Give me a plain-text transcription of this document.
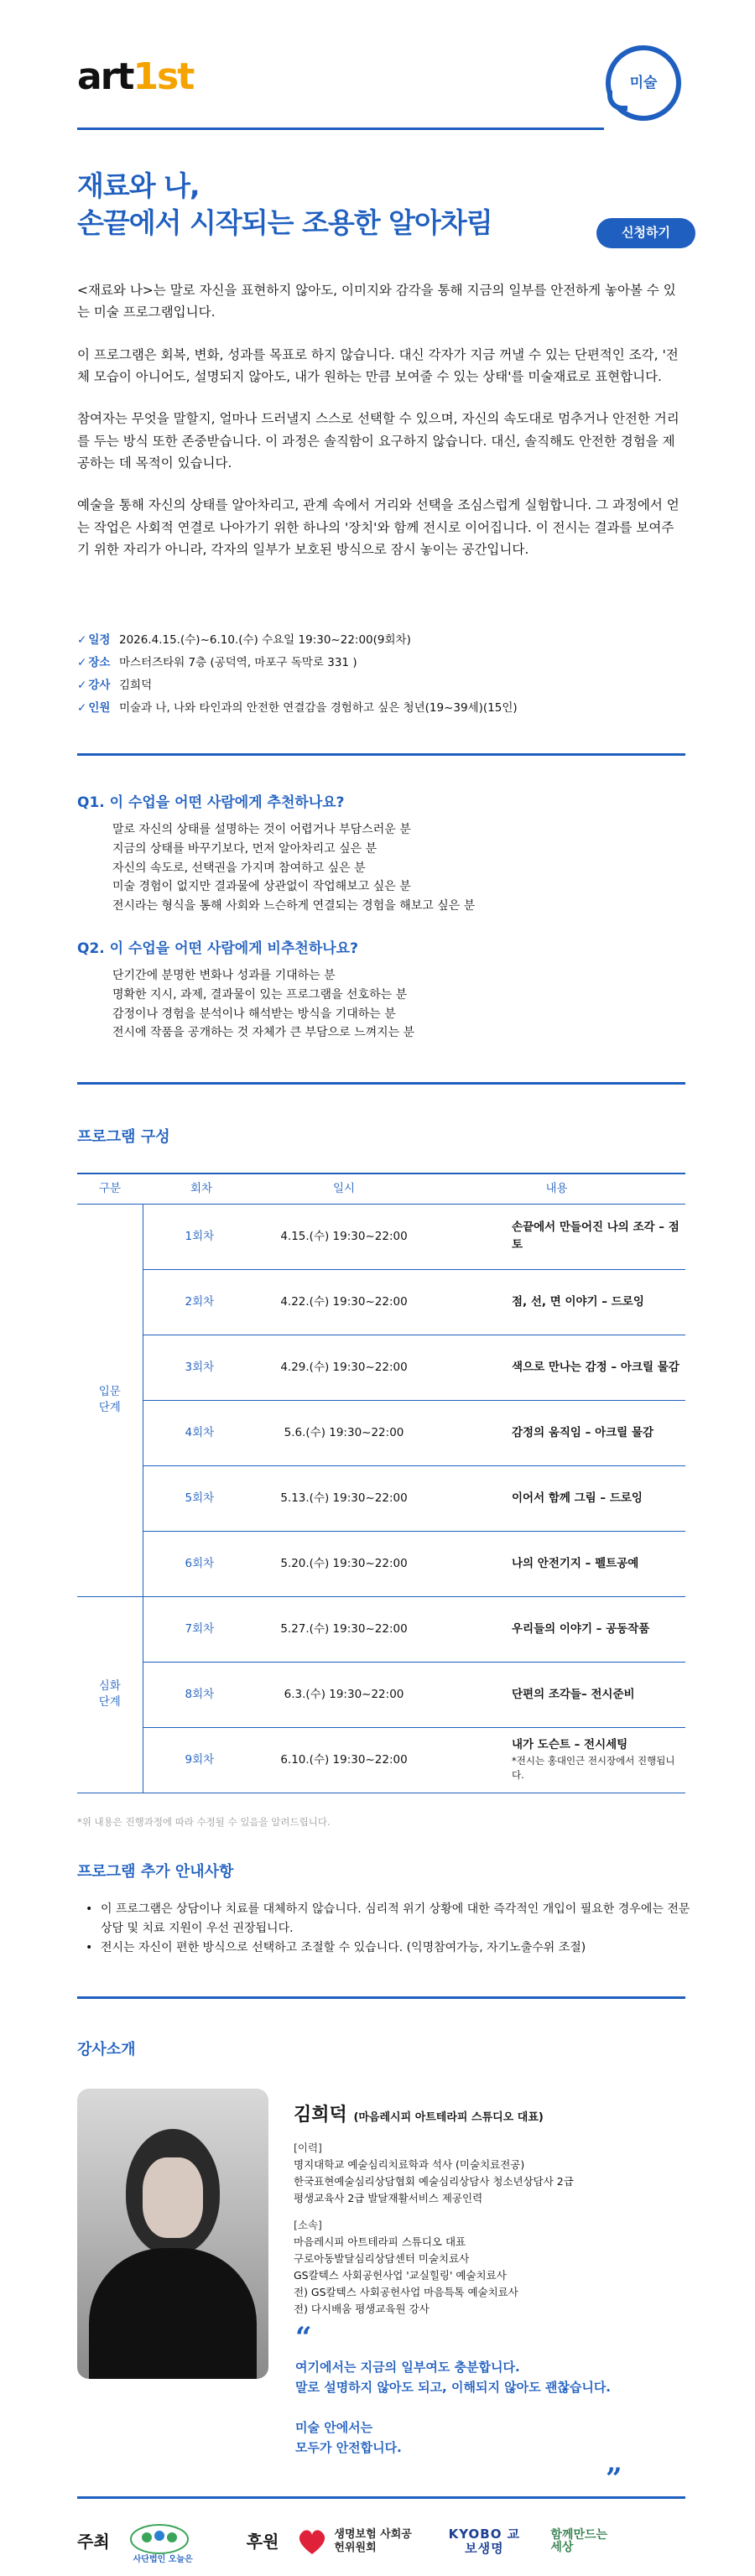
art1st	미술
재료와 나,
손끝에서 시작되는 조용한 알아차림	신청하기

<재료와 나>는 말로 자신을 표현하지 않아도, 이미지와 감각을 통해 지금의 일부를 안전하게 놓아볼 수 있는 미술 프로그램입니다.

이 프로그램은 회복, 변화, 성과를 목표로 하지 않습니다. 대신 각자가 지금 꺼낼 수 있는 단편적인 조각, '전체 모습이 아니어도, 설명되지 않아도, 내가 원하는 만큼 보여줄 수 있는 상태'를 미술재료로 표현합니다.

참여자는 무엇을 말할지, 얼마나 드러낼지 스스로 선택할 수 있으며, 자신의 속도대로 멈추거나 안전한 거리를 두는 방식 또한 존중받습니다. 이 과정은 솔직함이 요구하지 않습니다. 대신, 솔직해도 안전한 경험을 제공하는 데 목적이 있습니다.

예술을 통해 자신의 상태를 알아차리고, 관계 속에서 거리와 선택을 조심스럽게 실험합니다. 그 과정에서 얻는 작업은 사회적 연결로 나아가기 위한 하나의 '장치'와 함께 전시로 이어집니다. 이 전시는 결과를 보여주기 위한 자리가 아니라, 각자의 일부가 보호된 방식으로 잠시 놓이는 공간입니다.

✓ 일정 2026.4.15.(수)~6.10.(수) 수요일 19:30~22:00(9회차)
✓ 장소 마스터즈타워 7층 (공덕역, 마포구 독막로 331 )
✓ 강사 김희덕
✓ 인원 미술과 나, 나와 타인과의 안전한 연결감을 경험하고 싶은 청년(19~39세)(15인)
Q1. 이 수업을 어떤 사람에게 추천하나요?
말로 자신의 상태를 설명하는 것이 어렵거나 부담스러운 분
지금의 상태를 바꾸기보다, 먼저 알아차리고 싶은 분
자신의 속도로, 선택권을 가지며 참여하고 싶은 분
미술 경험이 없지만 결과물에 상관없이 작업해보고 싶은 분
전시라는 형식을 통해 사회와 느슨하게 연결되는 경험을 해보고 싶은 분
Q2. 이 수업을 어떤 사람에게 비추천하나요?
단기간에 분명한 변화나 성과를 기대하는 분
명확한 지시, 과제, 결과물이 있는 프로그램을 선호하는 분
감정이나 경험을 분석이나 해석받는 방식을 기대하는 분
전시에 작품을 공개하는 것 자체가 큰 부담으로 느껴지는 분
프로그램 구성
구분	회차	일시	내용
입문
단계	1회차	4.15.(수) 19:30~22:00	손끝에서 만들어진 나의 조각 – 점토
	2회차	4.22.(수) 19:30~22:00	점, 선, 면 이야기 – 드로잉
	3회차	4.29.(수) 19:30~22:00	색으로 만나는 감정 – 아크릴 물감
	4회차	5.6.(수) 19:30~22:00	감정의 움직임 – 아크릴 물감
	5회차	5.13.(수) 19:30~22:00	이어서 함께 그림 – 드로잉
	6회차	5.20.(수) 19:30~22:00	나의 안전기지 – 펠트공예
심화
단계	7회차	5.27.(수) 19:30~22:00	우리들의 이야기 – 공동작품
	8회차	6.3.(수) 19:30~22:00	단편의 조각들– 전시준비
	9회차	6.10.(수) 19:30~22:00	내가 도슨트 – 전시세팅
*전시는 홍대인근 전시장에서 진행됩니다.
*위 내용은 진행과정에 따라 수정될 수 있음을 알려드립니다.
프로그램 추가 안내사항
• 이 프로그램은 상담이나 치료를 대체하지 않습니다. 심리적 위기 상황에 대한 즉각적인 개입이 필요한 경우에는 전문 상담 및 치료 지원이 우선 권장됩니다.
• 전시는 자신이 편한 방식으로 선택하고 조절할 수 있습니다. (익명참여가능, 자기노출수위 조절)
강사소개
김희덕 (마음레시피 아트테라피 스튜디오 대표)
[이력]
명지대학교 예술심리치료학과 석사 (미술치료전공)
한국표현예술심리상담협회 예술심리상담사 청소년상담사 2급
평생교육사 2급 발달재활서비스 제공인력
[소속]
마음레시피 아트테라피 스튜디오 대표
구로아동발달심리상담센터 미술치료사
GS칼텍스 사회공헌사업 '교실힐링' 예술치료사
전) GS칼텍스 사회공헌사업 마음특톡 예술치료사
전) 다시배움 평생교육원 강사
“
여기에서는 지금의 일부여도 충분합니다.
말로 설명하지 않아도 되고, 이해되지 않아도 괜찮습니다.
미술 안에서는
모두가 안전합니다.
”
주최
사단법인 오늘은
후원	생명보험 사회공헌위원회
KYOBO 교보생명
함께만드는 세상
